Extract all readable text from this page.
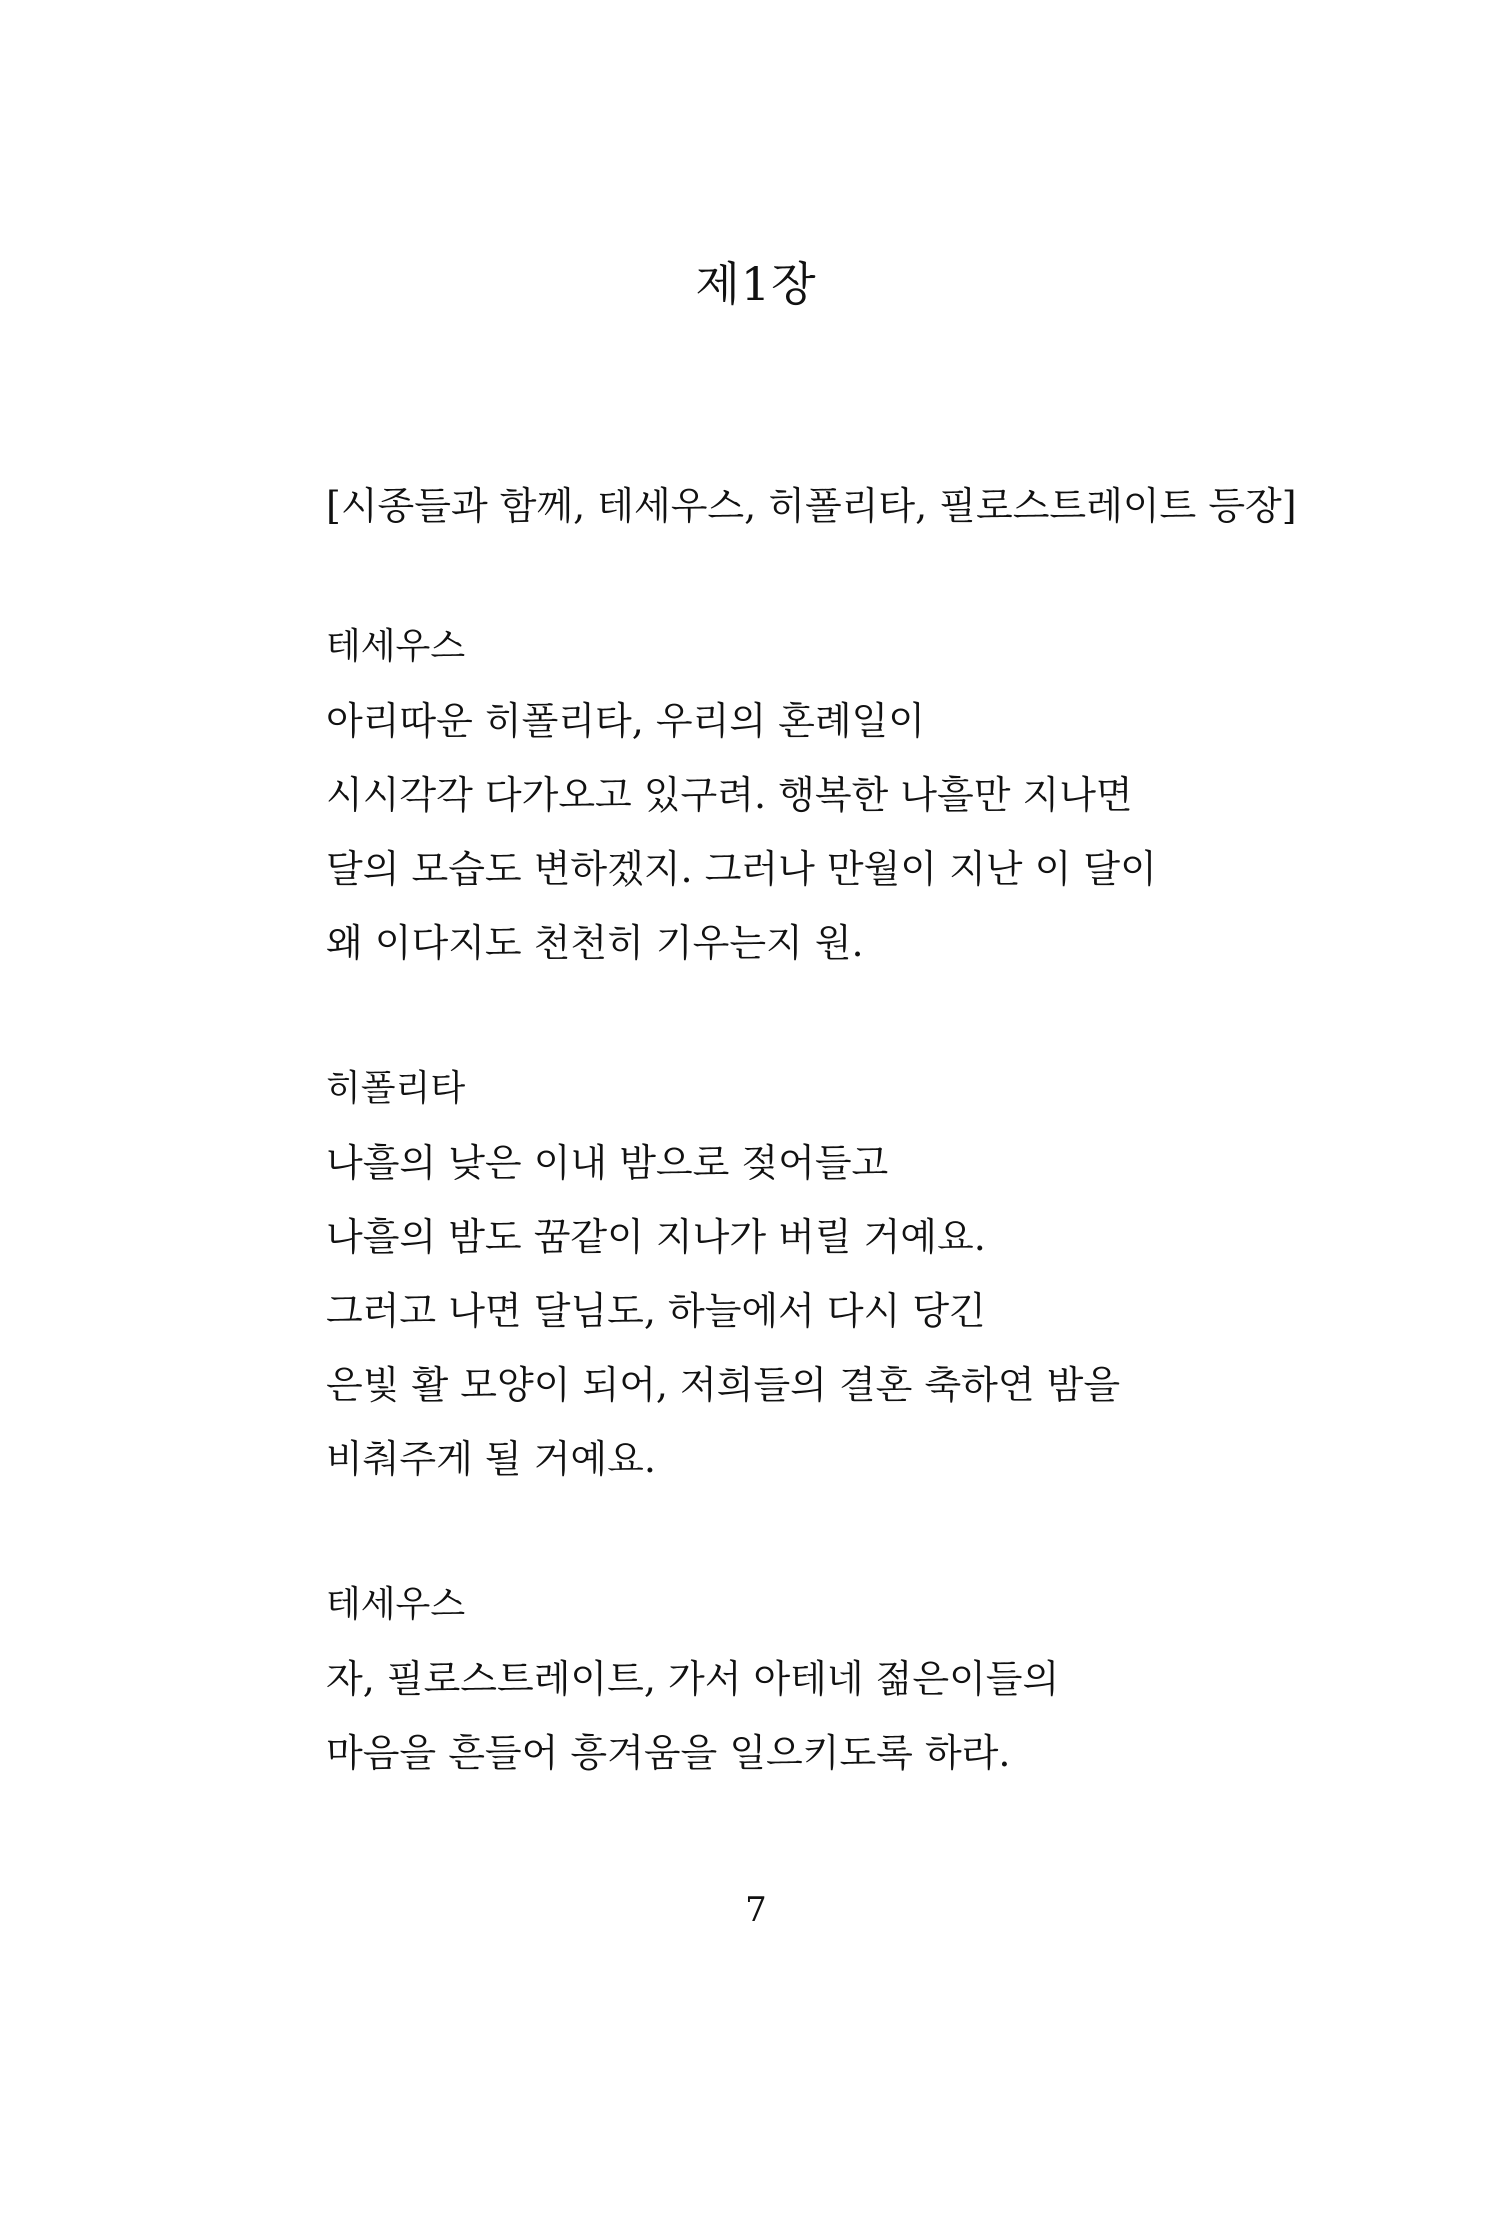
제1장
[시종들과 함께, 테세우스, 히폴리타, 필로스트레이트 등장]
테세우스
아리따운 히폴리타, 우리의 혼례일이
시시각각 다가오고 있구려. 행복한 나흘만 지나면
달의 모습도 변하겠지. 그러나 만월이 지난 이 달이
왜 이다지도 천천히 기우는지 원.
히폴리타
나흘의 낮은 이내 밤으로 젖어들고
나흘의 밤도 꿈같이 지나가 버릴 거예요.
그러고 나면 달님도, 하늘에서 다시 당긴
은빛 활 모양이 되어, 저희들의 결혼 축하연 밤을
비춰주게 될 거예요.
테세우스
자, 필로스트레이트, 가서 아테네 젊은이들의
마음을 흔들어 흥겨움을 일으키도록 하라.
7
